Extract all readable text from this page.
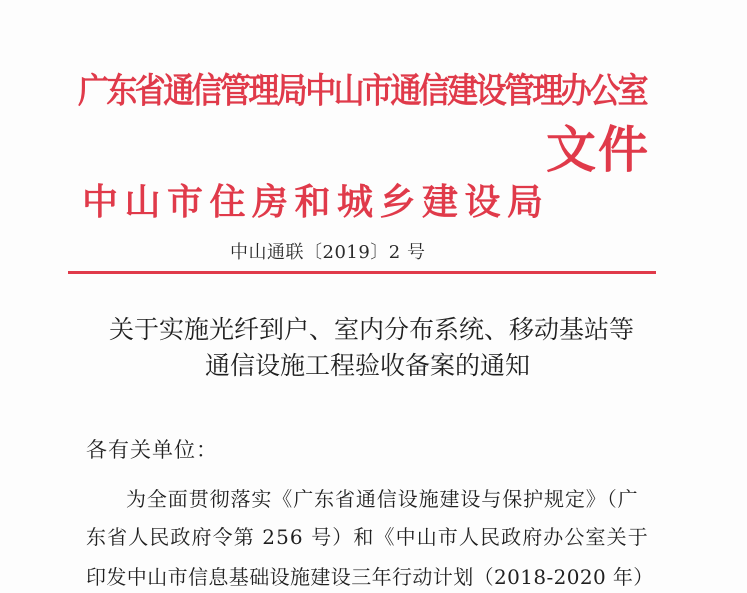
广东省通信管理局中山市通信建设管理办公室
文件
中山市住房和城乡建设局
中山通联〔2019〕2 号
关于实施光纤到户、室内分布系统、移动基站等
通信设施工程验收备案的通知
各有关单位：
为全面贯彻落实《广东省通信设施建设与保护规定》（广
东省人民政府令第 256 号）和《中山市人民政府办公室关于
印发中山市信息基础设施建设三年行动计划（2018-2020 年）
